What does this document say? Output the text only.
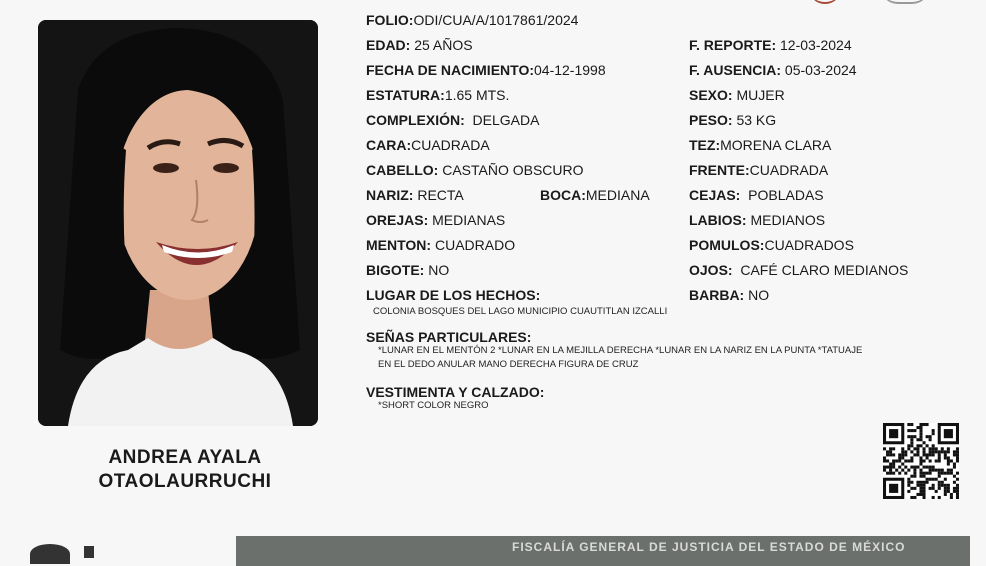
ANDREA AYALA
OTAOLAURRUCHI
FOLIO:ODI/CUA/A/1017861/2024
EDAD: 25 AÑOS
FECHA DE NACIMIENTO:04-12-1998
ESTATURA:1.65 MTS.
COMPLEXIÓN:  DELGADA
CARA:CUADRADA
CABELLO: CASTAÑO OBSCURO
NARIZ: RECTA	BOCA:MEDIANA
OREJAS: MEDIANAS
MENTON: CUADRADO
BIGOTE: NO
F. REPORTE: 12-03-2024
F. AUSENCIA: 05-03-2024
SEXO: MUJER
PESO: 53 KG
TEZ:MORENA CLARA
FRENTE:CUADRADA
CEJAS:  POBLADAS
LABIOS: MEDIANOS
POMULOS:CUADRADOS
OJOS:  CAFÉ CLARO MEDIANOS
BARBA: NO
LUGAR DE LOS HECHOS:
COLONIA BOSQUES DEL LAGO MUNICIPIO CUAUTITLAN IZCALLI
SEÑAS PARTICULARES:
*LUNAR EN EL MENTÓN 2 *LUNAR EN LA MEJILLA DERECHA *LUNAR EN LA NARIZ EN LA PUNTA *TATUAJE
EN EL DEDO ANULAR MANO DERECHA FIGURA DE CRUZ
VESTIMENTA Y CALZADO:
*SHORT COLOR NEGRO
FISCALÍA GENERAL DE JUSTICIA DEL ESTADO DE MÉXICO
